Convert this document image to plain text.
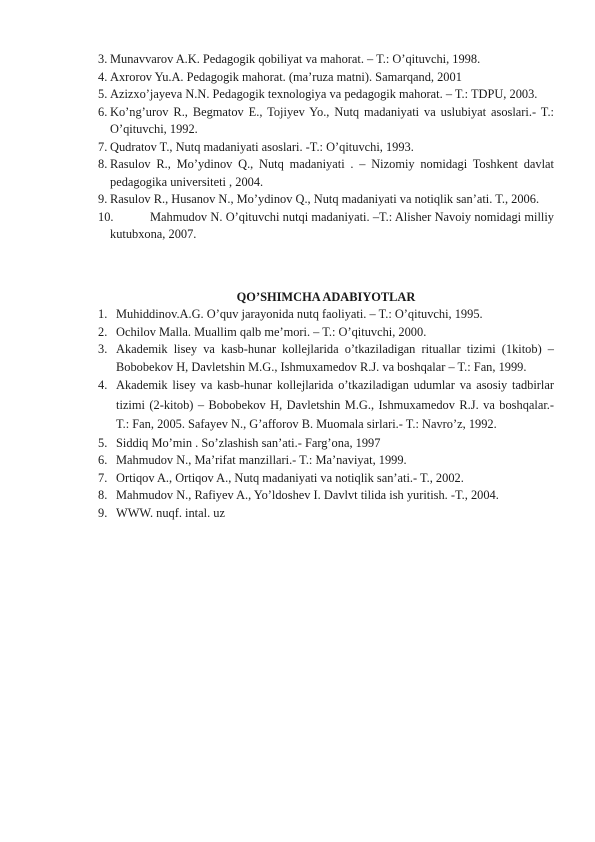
3. Munavvarov A.K. Pedagogik qobiliyat va mahorat. – T.: O’qituvchi, 1998.
4. Axrorov Yu.A. Pedagogik mahorat. (ma’ruza matni). Samarqand, 2001
5. Azizxo’jayeva N.N. Pedagogik texnologiya va pedagogik mahorat. – T.: TDPU, 2003.
6. Ko’ng’urov R., Begmatov E., Tojiyev Yo., Nutq madaniyati va uslubiyat asoslari.- T.: O’qituvchi, 1992.
7. Qudratov T., Nutq madaniyati asoslari. -T.: O’qituvchi, 1993.
8. Rasulov R., Mo’ydinov Q., Nutq madaniyati . – Nizomiy nomidagi Toshkent davlat pedagogika universiteti , 2004.
9. Rasulov R., Husanov N., Mo’ydinov Q., Nutq madaniyati va notiqlik san’ati. T., 2006.
10.	Mahmudov N. O’qituvchi nutqi madaniyati. –T.: Alisher Navoiy nomidagi milliy kutubxona, 2007.
QO’SHIMCHA ADABIYOTLAR
1. Muhiddinov.A.G. O’quv jarayonida nutq faoliyati. – T.: O’qituvchi, 1995.
2. Ochilov Malla. Muallim qalb me’mori. – T.: O’qituvchi, 2000.
3. Akademik lisey va kasb-hunar kollejlarida o’tkaziladigan rituallar tizimi (1kitob) –Bobobekov H, Davletshin M.G., Ishmuxamedov R.J. va boshqalar – T.: Fan, 1999.
4. Akademik lisey va kasb-hunar kollejlarida o’tkaziladigan udumlar va asosiy tadbirlar tizimi (2-kitob) – Bobobekov H, Davletshin M.G., Ishmuxamedov R.J. va boshqalar.- T.: Fan, 2005. Safayev N., G’afforov B. Muomala sirlari.- T.: Navro’z, 1992.
5. Siddiq Mo’min . So’zlashish san’ati.- Farg’ona, 1997
6. Mahmudov N., Ma’rifat manzillari.- T.: Ma’naviyat, 1999.
7. Ortiqov A., Ortiqov A., Nutq madaniyati va notiqlik san’ati.- T., 2002.
8. Mahmudov N., Rafiyev A., Yo’ldoshev I. Davlvt tilida ish yuritish. -T., 2004.
9. WWW. nuqf. intal. uz
